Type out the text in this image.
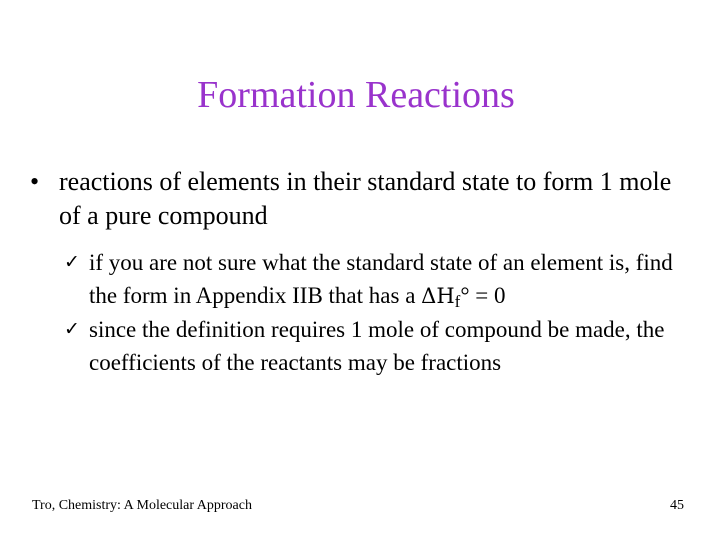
Formation Reactions
• reactions of elements in their standard state to form 1 mole of a pure compound
✓ if you are not sure what the standard state of an element is, find the form in Appendix IIB that has a ΔHf° = 0
✓ since the definition requires 1 mole of compound be made, the coefficients of the reactants may be fractions
Tro, Chemistry: A Molecular Approach	45
